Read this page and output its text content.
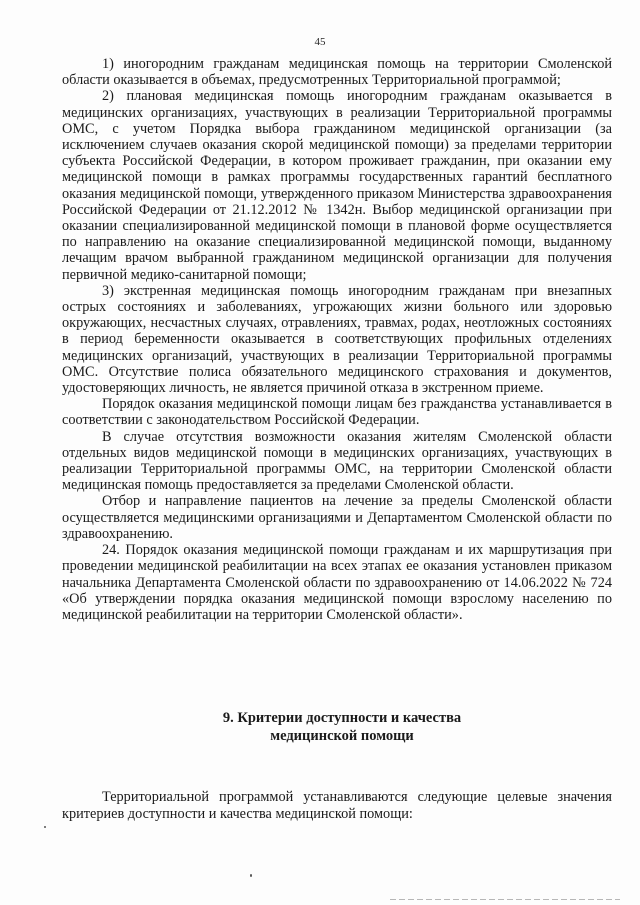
45

1) иногородним гражданам медицинская помощь на территории Смоленской области оказывается в объемах, предусмотренных Территориальной программой;

2) плановая медицинская помощь иногородним гражданам оказывается в медицинских организациях, участвующих в реализации Территориальной программы ОМС, с учетом Порядка выбора гражданином медицинской организации (за исключением случаев оказания скорой медицинской помощи) за пределами территории субъекта Российской Федерации, в котором проживает гражданин, при оказании ему медицинской помощи в рамках программы государственных гарантий бесплатного оказания медицинской помощи, утвержденного приказом Министерства здравоохранения Российской Федерации от 21.12.2012 № 1342н. Выбор медицинской организации при оказании специализированной медицинской помощи в плановой форме осуществляется по направлению на оказание специализированной медицинской помощи, выданному лечащим врачом выбранной гражданином медицинской организации для получения первичной медико-санитарной помощи;

3) экстренная медицинская помощь иногородним гражданам при внезапных острых состояниях и заболеваниях, угрожающих жизни больного или здоровью окружающих, несчастных случаях, отравлениях, травмах, родах, неотложных состояниях в период беременности оказывается в соответствующих профильных отделениях медицинских организаций, участвующих в реализации Территориальной программы ОМС. Отсутствие полиса обязательного медицинского страхования и документов, удостоверяющих личность, не является причиной отказа в экстренном приеме.

Порядок оказания медицинской помощи лицам без гражданства устанавливается в соответствии с законодательством Российской Федерации.

В случае отсутствия возможности оказания жителям Смоленской области отдельных видов медицинской помощи в медицинских организациях, участвующих в реализации Территориальной программы ОМС, на территории Смоленской области медицинская помощь предоставляется за пределами Смоленской области.

Отбор и направление пациентов на лечение за пределы Смоленской области осуществляется медицинскими организациями и Департаментом Смоленской области по здравоохранению.

24. Порядок оказания медицинской помощи гражданам и их маршрутизация при проведении медицинской реабилитации на всех этапах ее оказания установлен приказом начальника Департамента Смоленской области по здравоохранению от 14.06.2022 № 724 «Об утверждении порядка оказания медицинской помощи взрослому населению по медицинской реабилитации на территории Смоленской области».

9. Критерии доступности и качества
медицинской помощи

Территориальной программой устанавливаются следующие целевые значения критериев доступности и качества медицинской помощи:
